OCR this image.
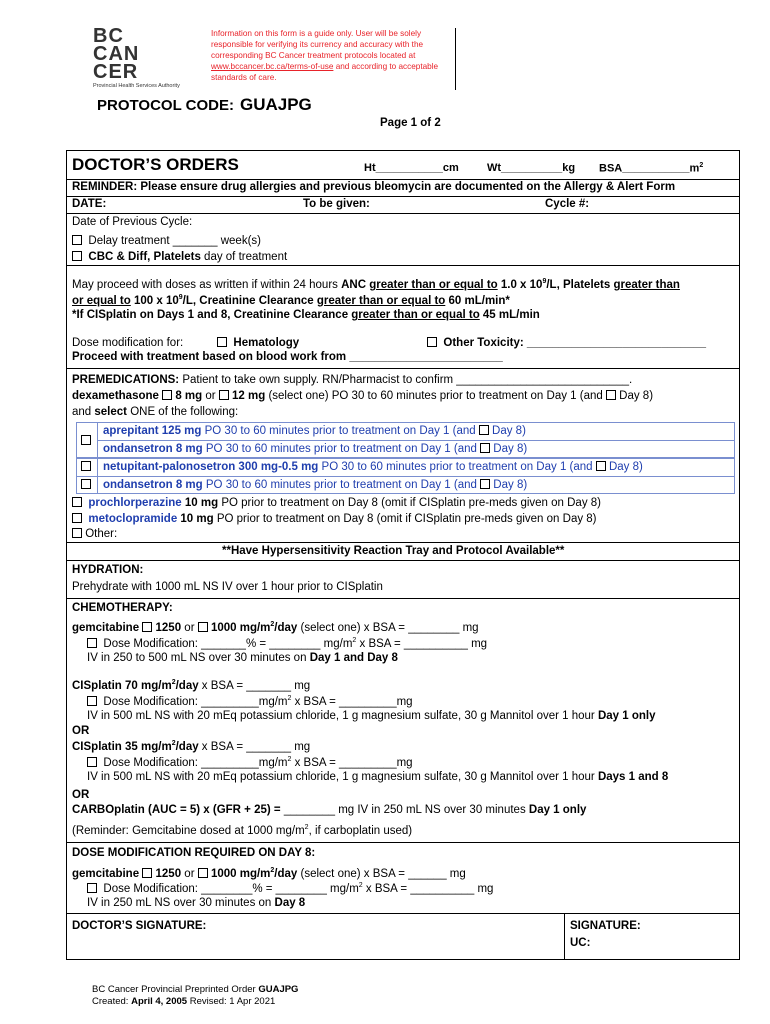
BC
CAN
CER
Provincial Health Services Authority
Information on this form is a guide only. User will be solely responsible for verifying its currency and accuracy with the corresponding BC Cancer treatment protocols located at www.bccancer.bc.ca/terms-of-use and according to acceptable standards of care.
PROTOCOL CODE: GUAJPG
Page 1 of 2
DOCTOR’S ORDERS	Ht___________cm	Wt__________kg $BSA\_\_\_\_\_\_\_\_\_\_\_m^2$
REMINDER: Please ensure drug allergies and previous bleomycin are documented on the Allergy & Alert Form
DATE:	To be given:	Cycle #:
Date of Previous Cycle:
Delay treatment _______ week(s)
CBC & Diff, Platelets day of treatment
May proceed with doses as written if within 24 hours ANC greater than or equal to 1.0 x $10^9/L$, Platelets greater than
or equal to 100 x $10^9/L$, Creatinine Clearance greater than or equal to 60 mL/min*
*If CISplatin on Days 1 and 8, Creatinine Clearance greater than or equal to 45 mL/min
Dose modification for:	Hematology	Other Toxicity: ____________________________
Proceed with treatment based on blood work from ________________________
PREMEDICATIONS: Patient to take own supply. RN/Pharmacist to confirm ___________________________.
dexamethasone 8 mg or  12 mg (select one) PO 30 to 60 minutes prior to treatment on Day 1 (and  Day 8)
and select ONE of the following:
aprepitant 125 mg PO 30 to 60 minutes prior to treatment on Day 1 (and  Day 8)
ondansetron 8 mg PO 30 to 60 minutes prior to treatment on Day 1 (and  Day 8)
netupitant-palonosetron 300 mg-0.5 mg PO 30 to 60 minutes prior to treatment on Day 1 (and  Day 8)
ondansetron 8 mg PO 30 to 60 minutes prior to treatment on Day 1 (and  Day 8)
prochlorperazine 10 mg PO prior to treatment on Day 8 (omit if CISplatin pre-meds given on Day 8)
metoclopramide 10 mg PO prior to treatment on Day 8 (omit if CISplatin pre-meds given on Day 8)
Other:
**Have Hypersensitivity Reaction Tray and Protocol Available**
HYDRATION:
Prehydrate with 1000 mL NS IV over 1 hour prior to CISplatin
CHEMOTHERAPY:
gemcitabine 1250 or  1000 $mg/m^2$/day (select one) x BSA = ________ mg
Dose Modification: _______% = ________ $mg/m^2$ x BSA = __________ mg
IV in 250 to 500 mL NS over 30 minutes on Day 1 and Day 8
CISplatin 70 $mg/m^2$/day x BSA = _______ mg
Dose Modification: $\_\_\_\_\_\_\_\_\_mg/m^2$ x BSA = _________mg
IV in 500 mL NS with 20 mEq potassium chloride, 1 g magnesium sulfate, 30 g Mannitol over 1 hour Day 1 only
OR
CISplatin 35 $mg/m^2$/day x BSA = _______ mg
Dose Modification: $\_\_\_\_\_\_\_\_\_mg/m^2$ x BSA = _________mg
IV in 500 mL NS with 20 mEq potassium chloride, 1 g magnesium sulfate, 30 g Mannitol over 1 hour Days 1 and 8
OR
CARBOplatin (AUC = 5) x (GFR + 25) = ________ mg IV in 250 mL NS over 30 minutes Day 1 only
(Reminder: Gemcitabine dosed at 1000 $mg/m^2$, if carboplatin used)
DOSE MODIFICATION REQUIRED ON DAY 8:
gemcitabine 1250 or  1000 $mg/m^2$/day (select one) x BSA = ______ mg
Dose Modification: ________% = ________ $mg/m^2$ x BSA = __________ mg
IV in 250 mL NS over 30 minutes on Day 8
DOCTOR’S SIGNATURE:	SIGNATURE:
UC:
BC Cancer Provincial Preprinted Order GUAJPG
Created: April 4, 2005 Revised: 1 Apr 2021
